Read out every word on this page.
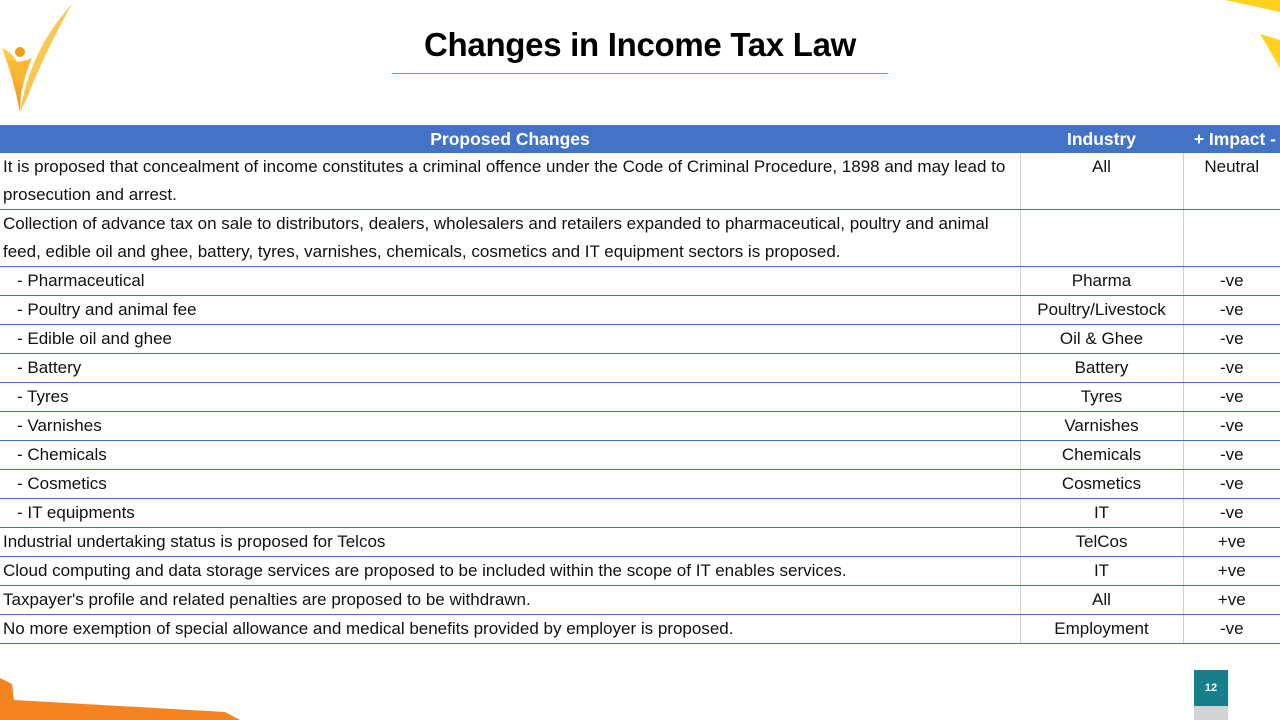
Changes in Income Tax Law
Proposed Changes	Industry	+ Impact -
It is proposed that concealment of income constitutes a criminal offence under the Code of Criminal Procedure, 1898 and may lead to prosecution and arrest.	All	Neutral
Collection of advance tax on sale to distributors, dealers, wholesalers and retailers expanded to pharmaceutical, poultry and animal feed, edible oil and ghee, battery, tyres, varnishes, chemicals, cosmetics and IT equipment sectors is proposed.		
- Pharmaceutical	Pharma	-ve
- Poultry and animal fee	Poultry/Livestock	-ve
- Edible oil and ghee	Oil & Ghee	-ve
- Battery	Battery	-ve
- Tyres	Tyres	-ve
- Varnishes	Varnishes	-ve
- Chemicals	Chemicals	-ve
- Cosmetics	Cosmetics	-ve
- IT equipments	IT	-ve
Industrial undertaking status is proposed for Telcos	TelCos	+ve
Cloud computing and data storage services are proposed to be included within the scope of IT enables services.	IT	+ve
Taxpayer's profile and related penalties are proposed to be withdrawn.	All	+ve
No more exemption of special allowance and medical benefits provided by employer is proposed.	Employment	-ve
12
